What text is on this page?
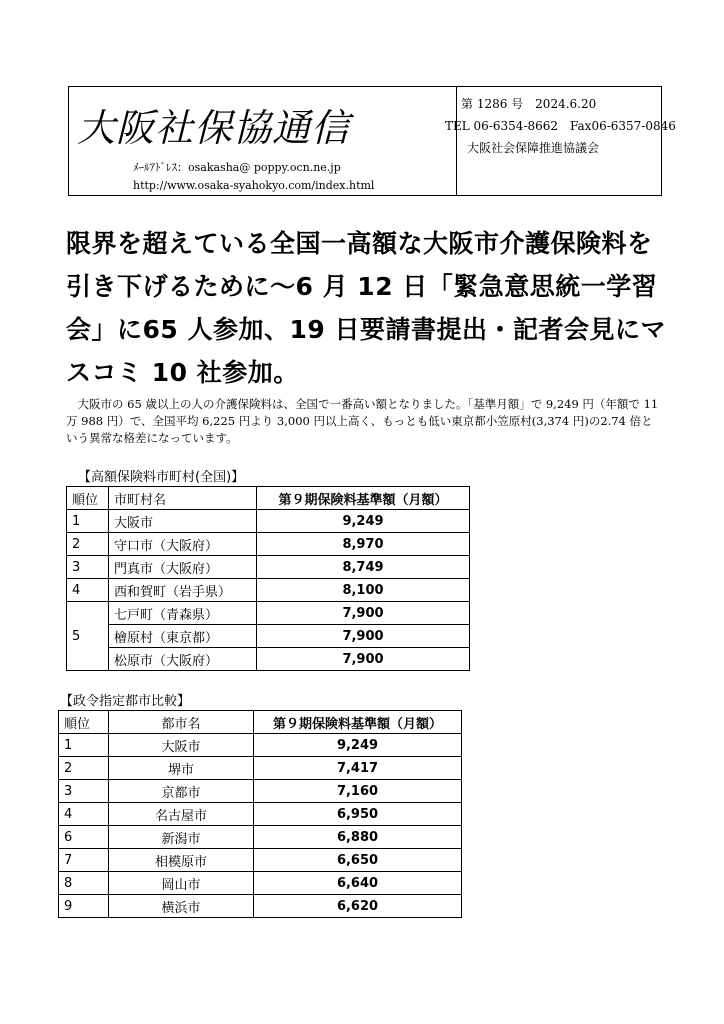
大阪社保協通信
ﾒｰﾙｱﾄﾞﾚｽ：osakasha@ poppy.ocn.ne.jp
http://www.osaka-syahokyo.com/index.html
第 1286 号　2024.6.20
TEL 06-6354-8662　Fax06-6357-0846
大阪社会保障推進協議会
限界を超えている全国一高額な大阪市介護保険料を引き下げるために～6 月 12 日「緊急意思統一学習会」に65 人参加、19 日要請書提出・記者会見にマスコミ 10 社参加。
大阪市の 65 歳以上の人の介護保険料は、全国で一番高い額となりました。「基準月額」で 9,249 円（年額で 11 万 988 円）で、全国平均 6,225 円より 3,000 円以上高く、もっとも低い東京都小笠原村(3,374 円)の2.74 倍という異常な格差になっています。
【高額保険料市町村(全国)】
順位	市町村名	第９期保険料基準額（月額）
1	大阪市	9,249
2	守口市（大阪府）	8,970
3	門真市（大阪府）	8,749
4	西和賀町（岩手県）	8,100
5	七戸町（青森県）	7,900
	檜原村（東京都）	7,900
	松原市（大阪府）	7,900
【政令指定都市比較】
順位	都市名	第９期保険料基準額（月額）
1	大阪市	9,249
2	堺市	7,417
3	京都市	7,160
4	名古屋市	6,950
6	新潟市	6,880
7	相模原市	6,650
8	岡山市	6,640
9	横浜市	6,620
